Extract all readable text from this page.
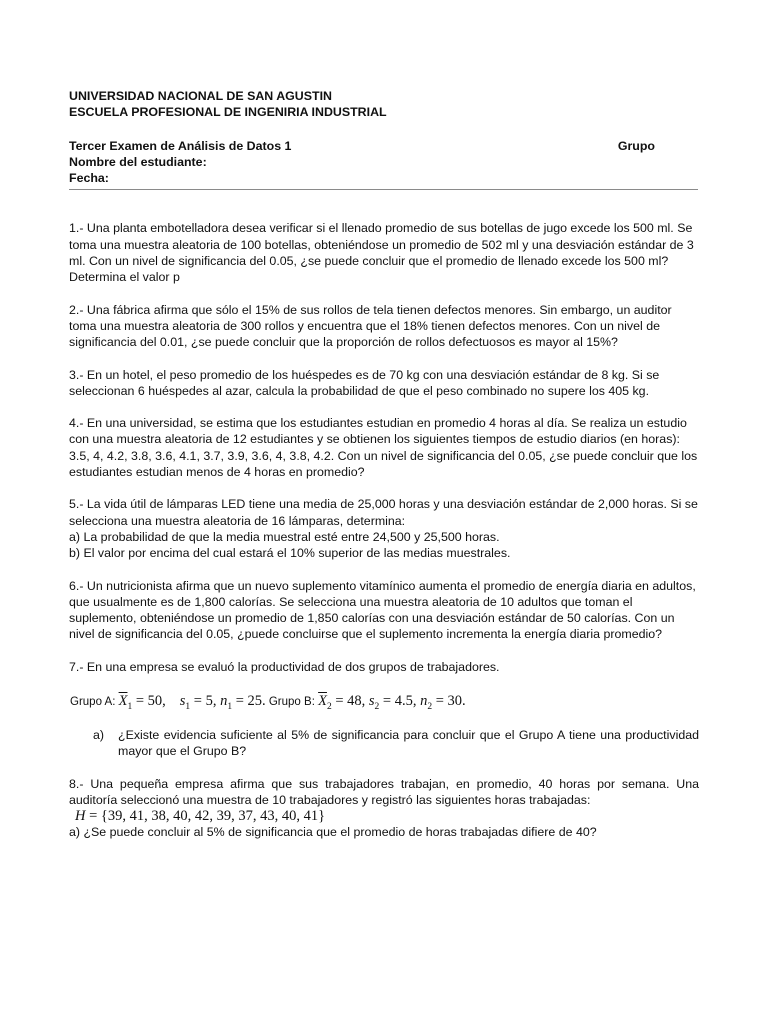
UNIVERSIDAD NACIONAL DE SAN AGUSTIN
ESCUELA PROFESIONAL DE INGENIRIA INDUSTRIAL
Tercer Examen de Análisis de Datos 1	Grupo
Nombre del estudiante:
Fecha:

1.- Una planta embotelladora desea verificar si el llenado promedio de sus botellas de jugo excede los 500 ml. Se toma una muestra aleatoria de 100 botellas, obteniéndose un promedio de 502 ml y una desviación estándar de 3 ml. Con un nivel de significancia del 0.05, ¿se puede concluir que el promedio de llenado excede los 500 ml? Determina el valor p

2.- Una fábrica afirma que sólo el 15% de sus rollos de tela tienen defectos menores. Sin embargo, un auditor toma una muestra aleatoria de 300 rollos y encuentra que el 18% tienen defectos menores. Con un nivel de significancia del 0.01, ¿se puede concluir que la proporción de rollos defectuosos es mayor al 15%?

3.- En un hotel, el peso promedio de los huéspedes es de 70 kg con una desviación estándar de 8 kg. Si se seleccionan 6 huéspedes al azar, calcula la probabilidad de que el peso combinado no supere los 405 kg.

4.- En una universidad, se estima que los estudiantes estudian en promedio 4 horas al día. Se realiza un estudio con una muestra aleatoria de 12 estudiantes y se obtienen los siguientes tiempos de estudio diarios (en horas): 3.5, 4, 4.2, 3.8, 3.6, 4.1, 3.7, 3.9, 3.6, 4, 3.8, 4.2. Con un nivel de significancia del 0.05, ¿se puede concluir que los estudiantes estudian menos de 4 horas en promedio?

5.- La vida útil de lámparas LED tiene una media de 25,000 horas y una desviación estándar de 2,000 horas. Si se selecciona una muestra aleatoria de 16 lámparas, determina:
a) La probabilidad de que la media muestral esté entre 24,500 y 25,500 horas.
b) El valor por encima del cual estará el 10% superior de las medias muestrales.

6.- Un nutricionista afirma que un nuevo suplemento vitamínico aumenta el promedio de energía diaria en adultos, que usualmente es de 1,800 calorías. Se selecciona una muestra aleatoria de 10 adultos que toman el suplemento, obteniéndose un promedio de 1,850 calorías con una desviación estándar de 50 calorías. Con un nivel de significancia del 0.05, ¿puede concluirse que el suplemento incrementa la energía diaria promedio?

7.- En una empresa se evaluó la productividad de dos grupos de trabajadores.

Grupo A: $\overline{X}_1 = 50$, $s_1 = 5$, $n_1 = 25$. Grupo B: $\overline{X}_2 = 48$, $s_2 = 4.5$, $n_2 = 30$.
a)	¿Existe evidencia suficiente al 5% de significancia para concluir que el Grupo A tiene una productividad mayor que el Grupo B?
8.- Una pequeña empresa afirma que sus trabajadores trabajan, en promedio, 40 horas por semana. Una auditoría seleccionó una muestra de 10 trabajadores y registró las siguientes horas trabajadas:
H = {39, 41, 38, 40, 42, 39, 37, 43, 40, 41}
a) ¿Se puede concluir al 5% de significancia que el promedio de horas trabajadas difiere de 40?
